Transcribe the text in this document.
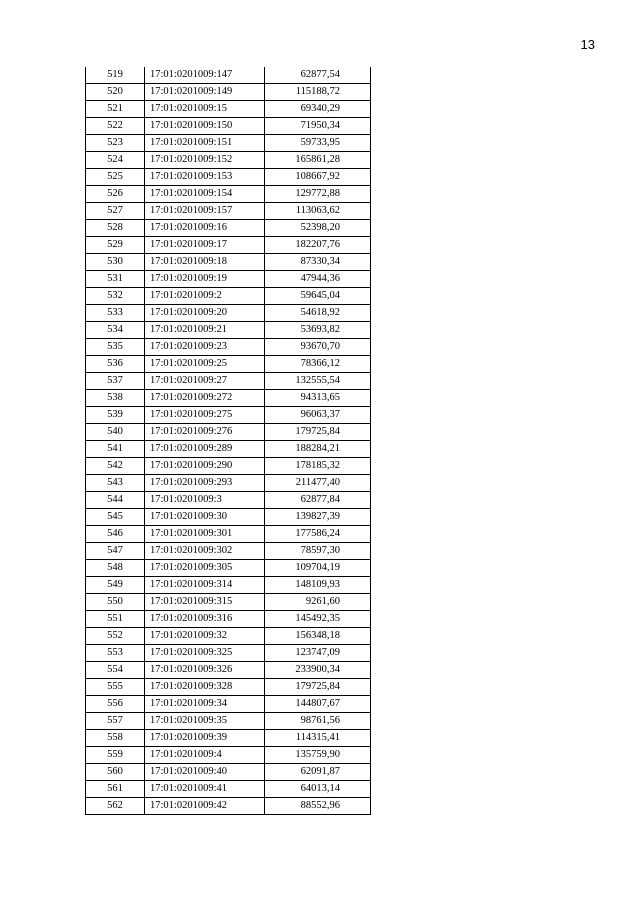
13
519	17:01:0201009:147	62877,54
520	17:01:0201009:149	115188,72
521	17:01:0201009:15	69340,29
522	17:01:0201009:150	71950,34
523	17:01:0201009:151	59733,95
524	17:01:0201009:152	165861,28
525	17:01:0201009:153	108667,92
526	17:01:0201009:154	129772,88
527	17:01:0201009:157	113063,62
528	17:01:0201009:16	52398,20
529	17:01:0201009:17	182207,76
530	17:01:0201009:18	87330,34
531	17:01:0201009:19	47944,36
532	17:01:0201009:2	59645,04
533	17:01:0201009:20	54618,92
534	17:01:0201009:21	53693,82
535	17:01:0201009:23	93670,70
536	17:01:0201009:25	78366,12
537	17:01:0201009:27	132555,54
538	17:01:0201009:272	94313,65
539	17:01:0201009:275	96063,37
540	17:01:0201009:276	179725,84
541	17:01:0201009:289	188284,21
542	17:01:0201009:290	178185,32
543	17:01:0201009:293	211477,40
544	17:01:0201009:3	62877,84
545	17:01:0201009:30	139827,39
546	17:01:0201009:301	177586,24
547	17:01:0201009:302	78597,30
548	17:01:0201009:305	109704,19
549	17:01:0201009:314	148109,93
550	17:01:0201009:315	9261,60
551	17:01:0201009:316	145492,35
552	17:01:0201009:32	156348,18
553	17:01:0201009:325	123747,09
554	17:01:0201009:326	233900,34
555	17:01:0201009:328	179725,84
556	17:01:0201009:34	144807,67
557	17:01:0201009:35	98761,56
558	17:01:0201009:39	114315,41
559	17:01:0201009:4	135759,90
560	17:01:0201009:40	62091,87
561	17:01:0201009:41	64013,14
562	17:01:0201009:42	88552,96
